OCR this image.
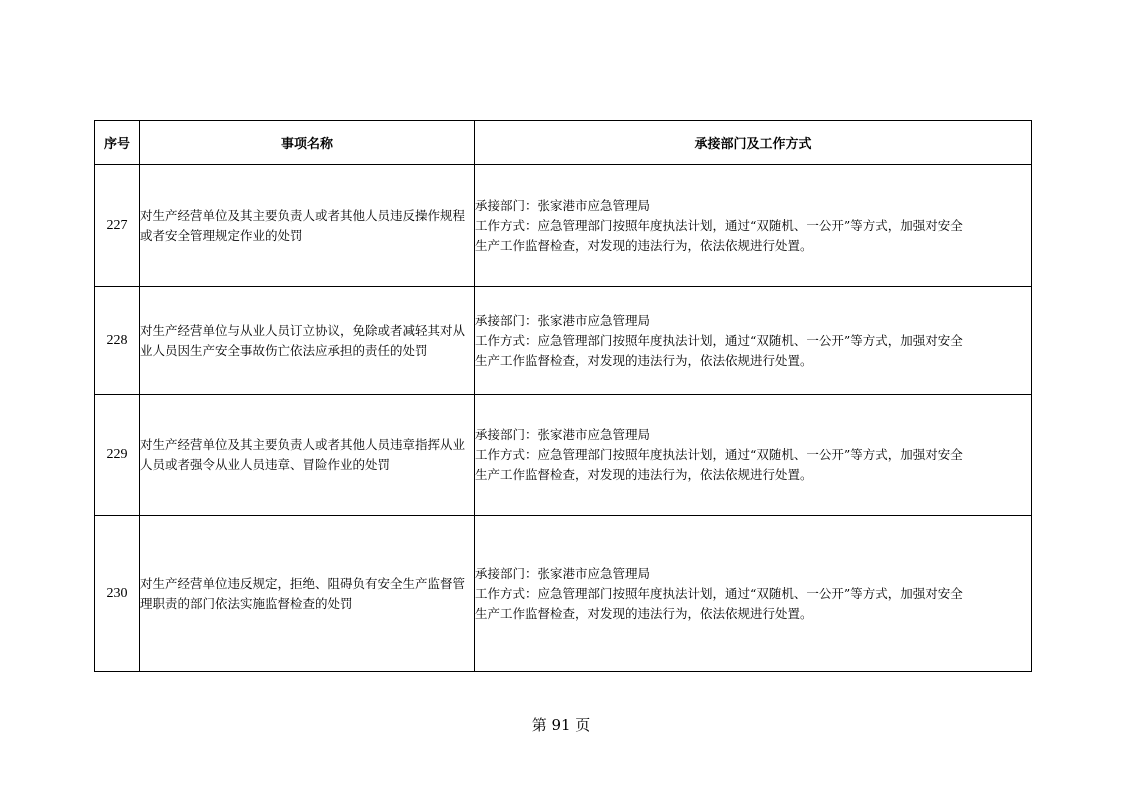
序号	事项名称	承接部门及工作方式
227	对生产经营单位及其主要负责人或者其他人员违反操作规程或者安全管理规定作业的处罚	承接部门：张家港市应急管理局
工作方式：应急管理部门按照年度执法计划，通过“双随机、一公开”等方式，加强对安全
生产工作监督检查，对发现的违法行为，依法依规进行处置。

228	对生产经营单位与从业人员订立协议，免除或者减轻其对从业人员因生产安全事故伤亡依法应承担的责任的处罚	承接部门：张家港市应急管理局
工作方式：应急管理部门按照年度执法计划，通过“双随机、一公开”等方式，加强对安全
生产工作监督检查，对发现的违法行为，依法依规进行处置。

229	对生产经营单位及其主要负责人或者其他人员违章指挥从业人员或者强令从业人员违章、冒险作业的处罚	承接部门：张家港市应急管理局
工作方式：应急管理部门按照年度执法计划，通过“双随机、一公开”等方式，加强对安全
生产工作监督检查，对发现的违法行为，依法依规进行处置。

230	对生产经营单位违反规定，拒绝、阻碍负有安全生产监督管理职责的部门依法实施监督检查的处罚	承接部门：张家港市应急管理局
工作方式：应急管理部门按照年度执法计划，通过“双随机、一公开”等方式，加强对安全
生产工作监督检查，对发现的违法行为，依法依规进行处置。
第 91 页
